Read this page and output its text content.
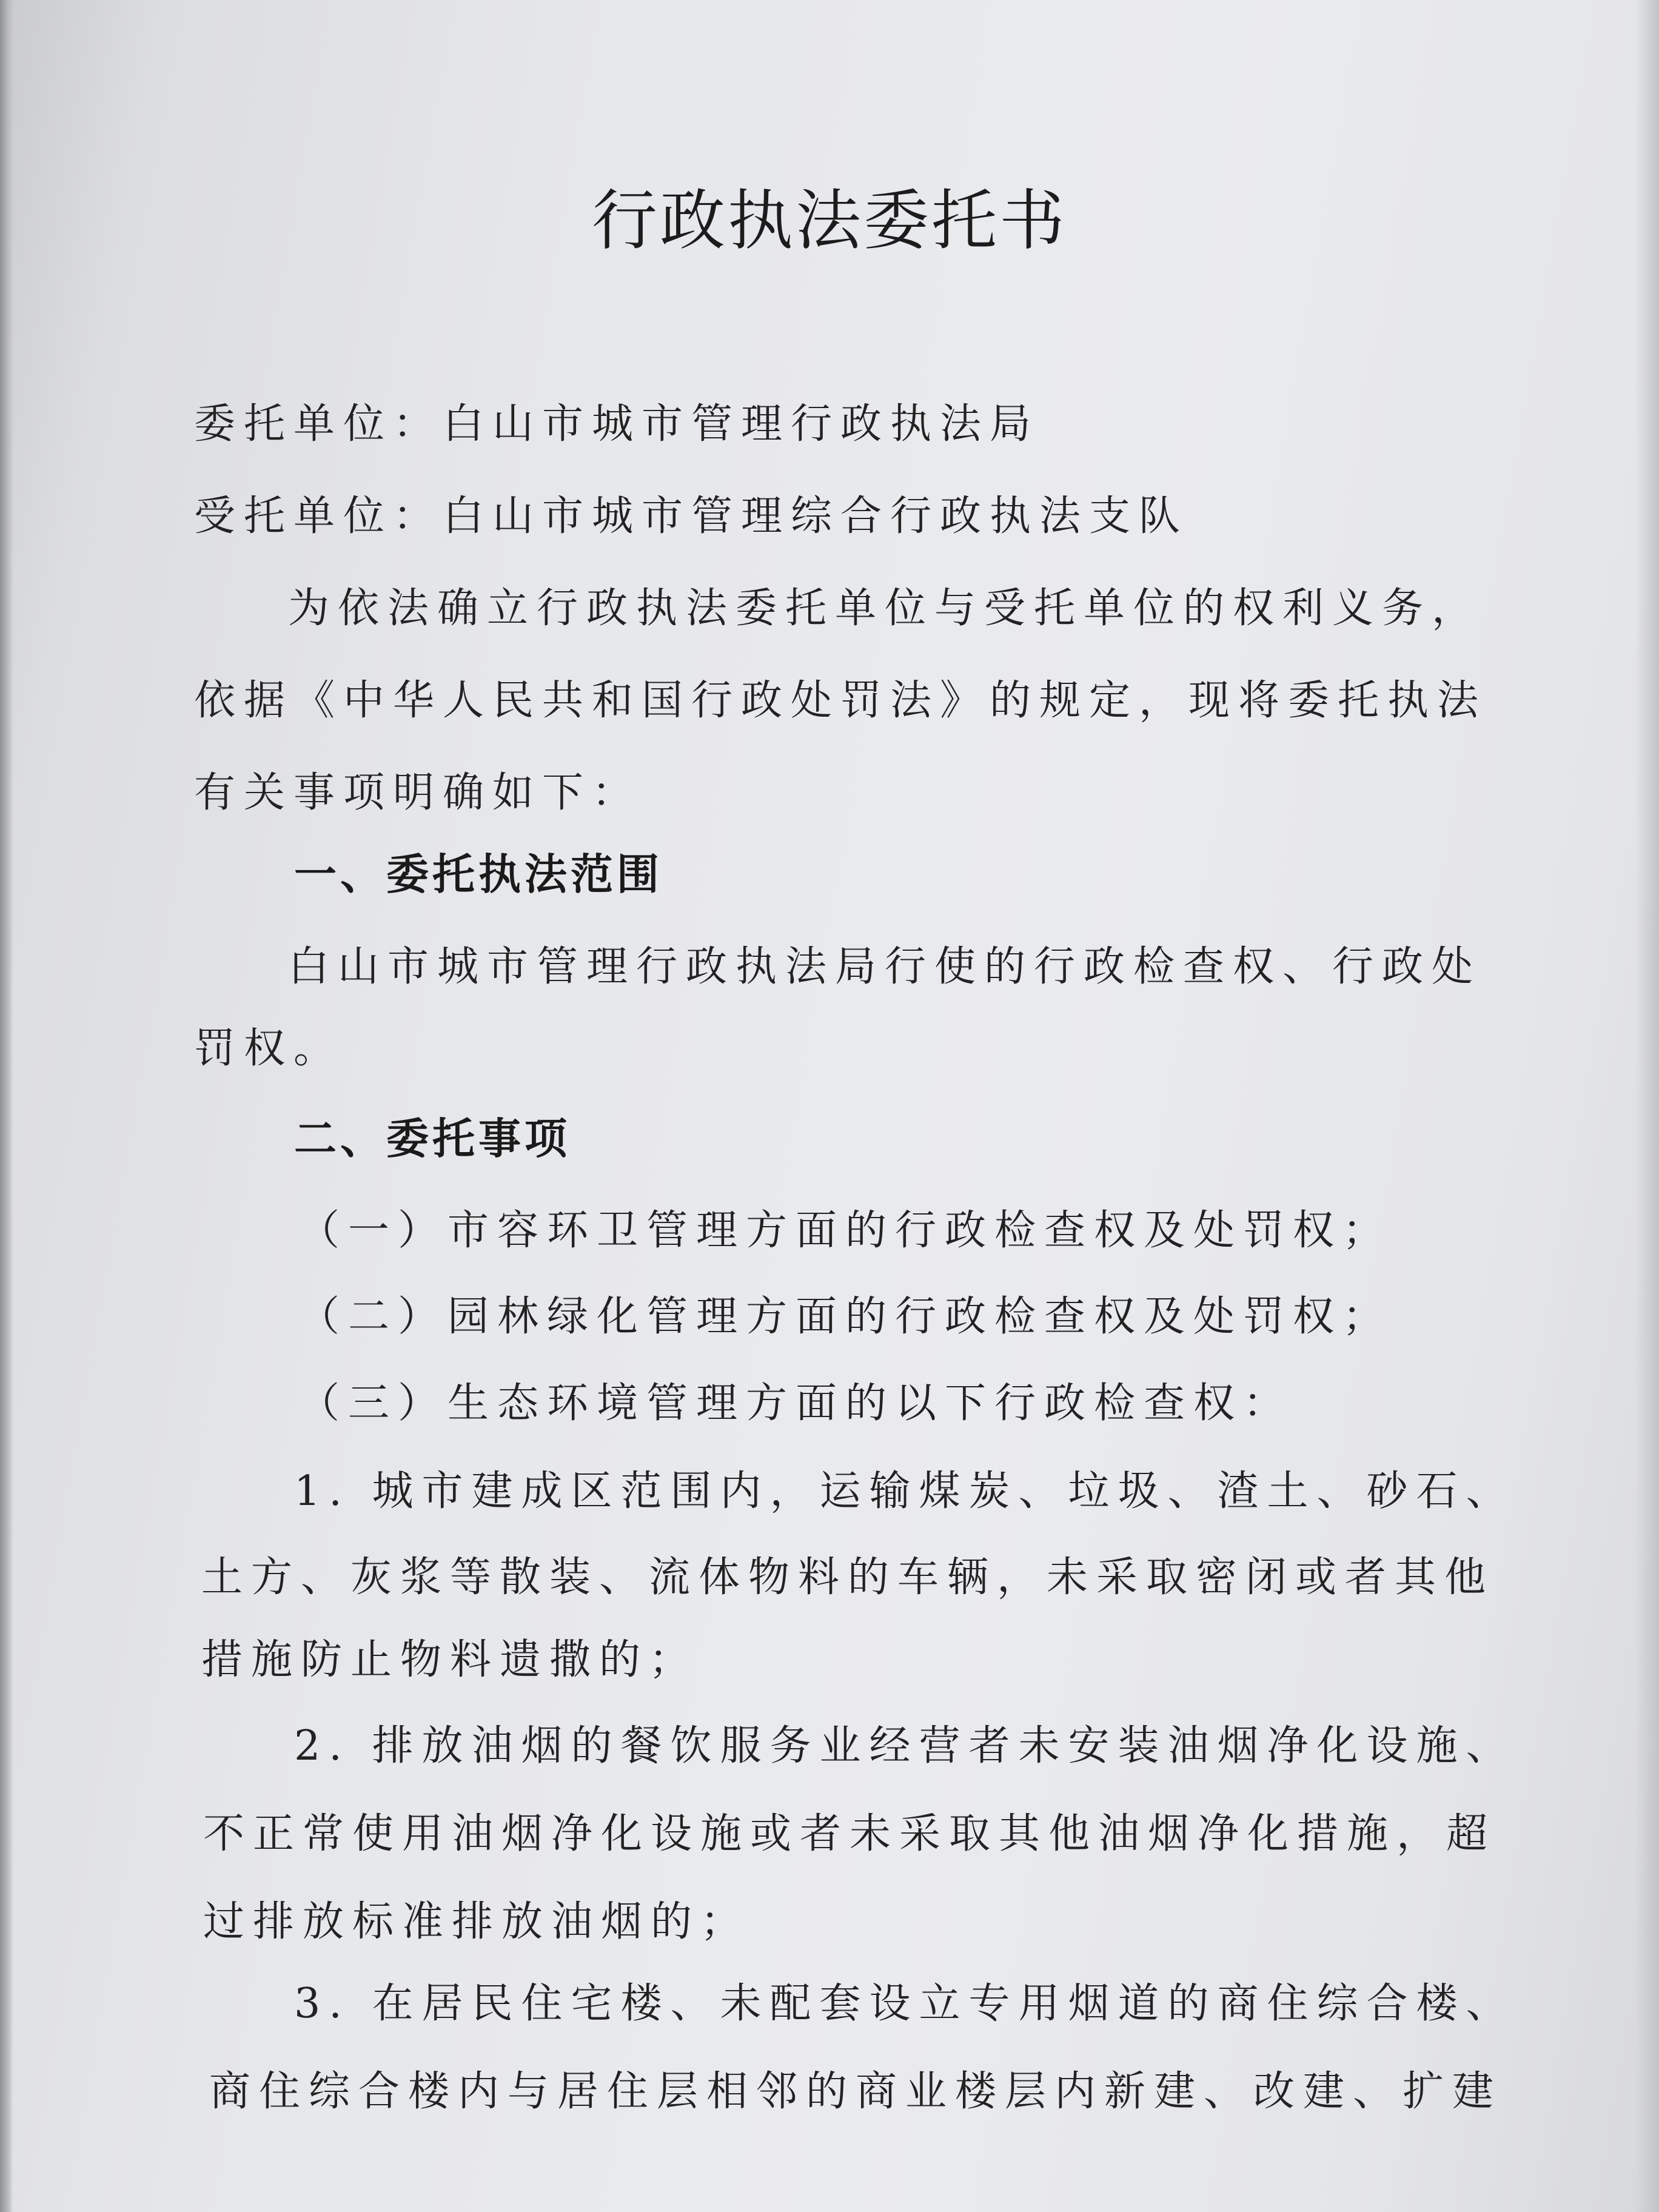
行政执法委托书
委托单位：白山市城市管理行政执法局
受托单位：白山市城市管理综合行政执法支队
为依法确立行政执法委托单位与受托单位的权利义务，
依据《中华人民共和国行政处罚法》的规定，现将委托执法
有关事项明确如下：
一、委托执法范围
白山市城市管理行政执法局行使的行政检查权、行政处
罚权。
二、委托事项
（一）市容环卫管理方面的行政检查权及处罚权；
（二）园林绿化管理方面的行政检查权及处罚权；
（三）生态环境管理方面的以下行政检查权：
1. 城市建成区范围内，运输煤炭、垃圾、渣土、砂石、
土方、灰浆等散装、流体物料的车辆，未采取密闭或者其他
措施防止物料遗撒的；
2. 排放油烟的餐饮服务业经营者未安装油烟净化设施、
不正常使用油烟净化设施或者未采取其他油烟净化措施，超
过排放标准排放油烟的；
3. 在居民住宅楼、未配套设立专用烟道的商住综合楼、
商住综合楼内与居住层相邻的商业楼层内新建、改建、扩建
